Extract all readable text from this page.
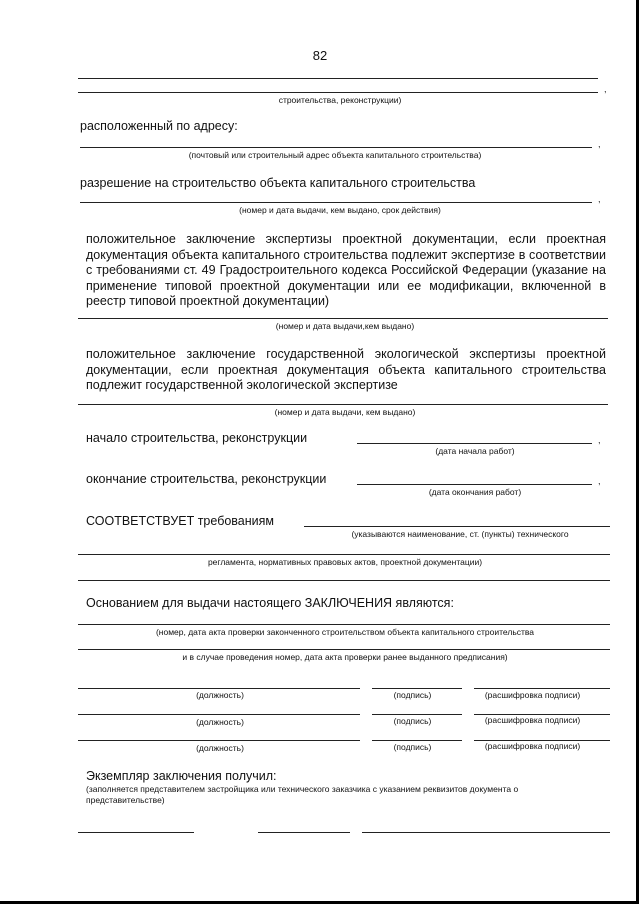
82
,
строительства, реконструкции)
расположенный по адресу:
,
(почтовый или строительный адрес объекта капитального строительства)
разрешение на строительство объекта капитального строительства
,
(номер и дата выдачи, кем выдано, срок действия)
положительное заключение экспертизы проектной документации, если проектная документация объекта капитального строительства подлежит экспертизе в соответствии с требованиями ст. 49 Градостроительного кодекса Российской Федерации (указание на применение типовой проектной документации или ее модификации, включенной в реестр типовой проектной документации)
(номер и дата выдачи,кем выдано)
положительное заключение государственной экологической экспертизы проектной документации, если проектная документация объекта капитального строительства подлежит государственной экологической экспертизе
(номер и дата выдачи, кем выдано)
начало строительства, реконструкции	,
(дата начала работ)
окончание строительства, реконструкции	,
(дата окончания работ)
СООТВЕТСТВУЕТ требованиям
(указываются наименование, ст. (пункты) технического
регламента, нормативных правовых актов, проектной документации)
Основанием для выдачи настоящего ЗАКЛЮЧЕНИЯ являются:
(номер, дата акта проверки законченного строительством объекта капитального строительства
и в случае проведения номер, дата акта проверки ранее выданного предписания)
(должность)	(подпись)	(расшифровка подписи)
(должность)	(подпись)	(расшифровка подписи)
(должность)	(подпись)	(расшифровка подписи)
Экземпляр заключения получил:
(заполняется представителем застройщика или технического заказчика с указанием реквизитов документа о представительстве)
